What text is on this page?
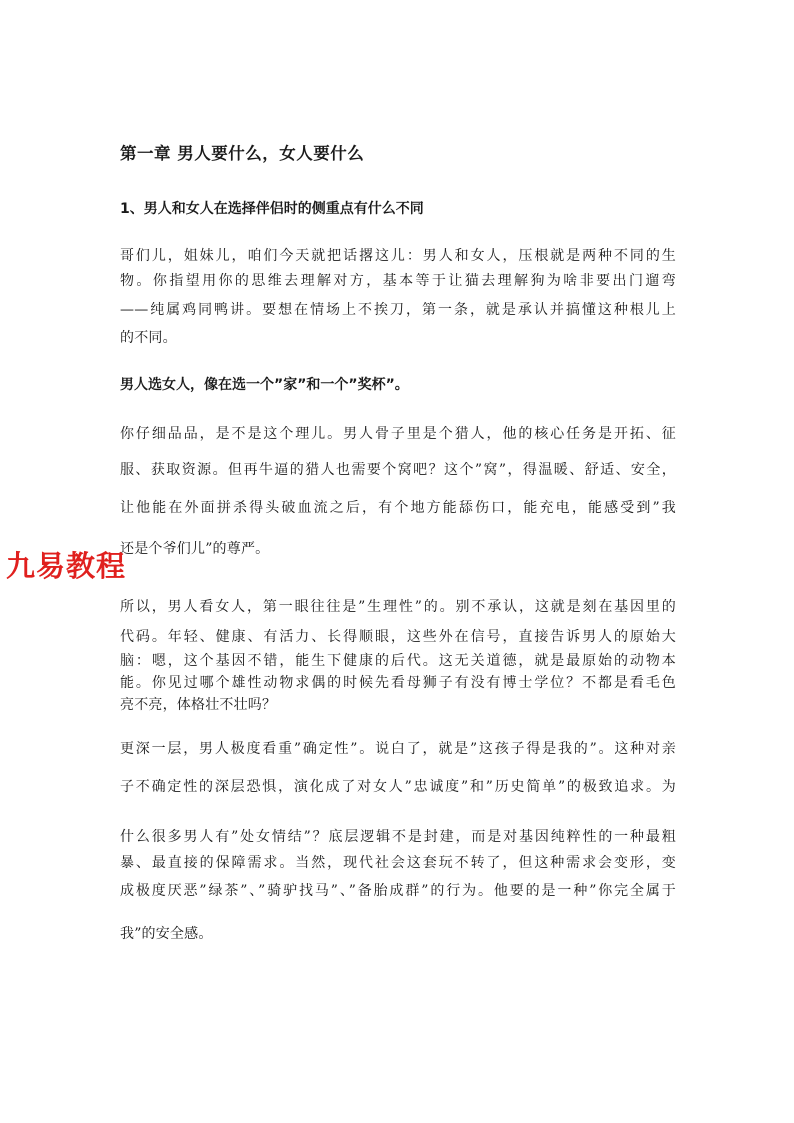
第一章 男人要什么，女人要什么
1、男人和女人在选择伴侣时的侧重点有什么不同

哥们儿，姐妹儿，咱们今天就把话撂这儿：男人和女人，压根就是两种不同的生

物。你指望用你的思维去理解对方，基本等于让猫去理解狗为啥非要出门遛弯

——纯属鸡同鸭讲。要想在情场上不挨刀，第一条，就是承认并搞懂这种根儿上

的不同。

男人选女人，像在选一个”家”和一个”奖杯”。

你仔细品品，是不是这个理儿。男人骨子里是个猎人，他的核心任务是开拓、征

服、获取资源。但再牛逼的猎人也需要个窝吧？这个”窝”，得温暖、舒适、安全，

让他能在外面拼杀得头破血流之后，有个地方能舔伤口，能充电，能感受到”我

还是个爷们儿”的尊严。

所以，男人看女人，第一眼往往是”生理性”的。别不承认，这就是刻在基因里的

代码。年轻、健康、有活力、长得顺眼，这些外在信号，直接告诉男人的原始大

脑：嗯，这个基因不错，能生下健康的后代。这无关道德，就是最原始的动物本

能。你见过哪个雄性动物求偶的时候先看母狮子有没有博士学位？不都是看毛色

亮不亮，体格壮不壮吗？

更深一层，男人极度看重”确定性”。说白了，就是”这孩子得是我的”。这种对亲

子不确定性的深层恐惧，演化成了对女人”忠诚度”和”历史简单”的极致追求。为

什么很多男人有”处女情结”？底层逻辑不是封建，而是对基因纯粹性的一种最粗

暴、最直接的保障需求。当然，现代社会这套玩不转了，但这种需求会变形，变

成极度厌恶”绿茶”、”骑驴找马”、”备胎成群”的行为。他要的是一种”你完全属于

我”的安全感。

九易教程
